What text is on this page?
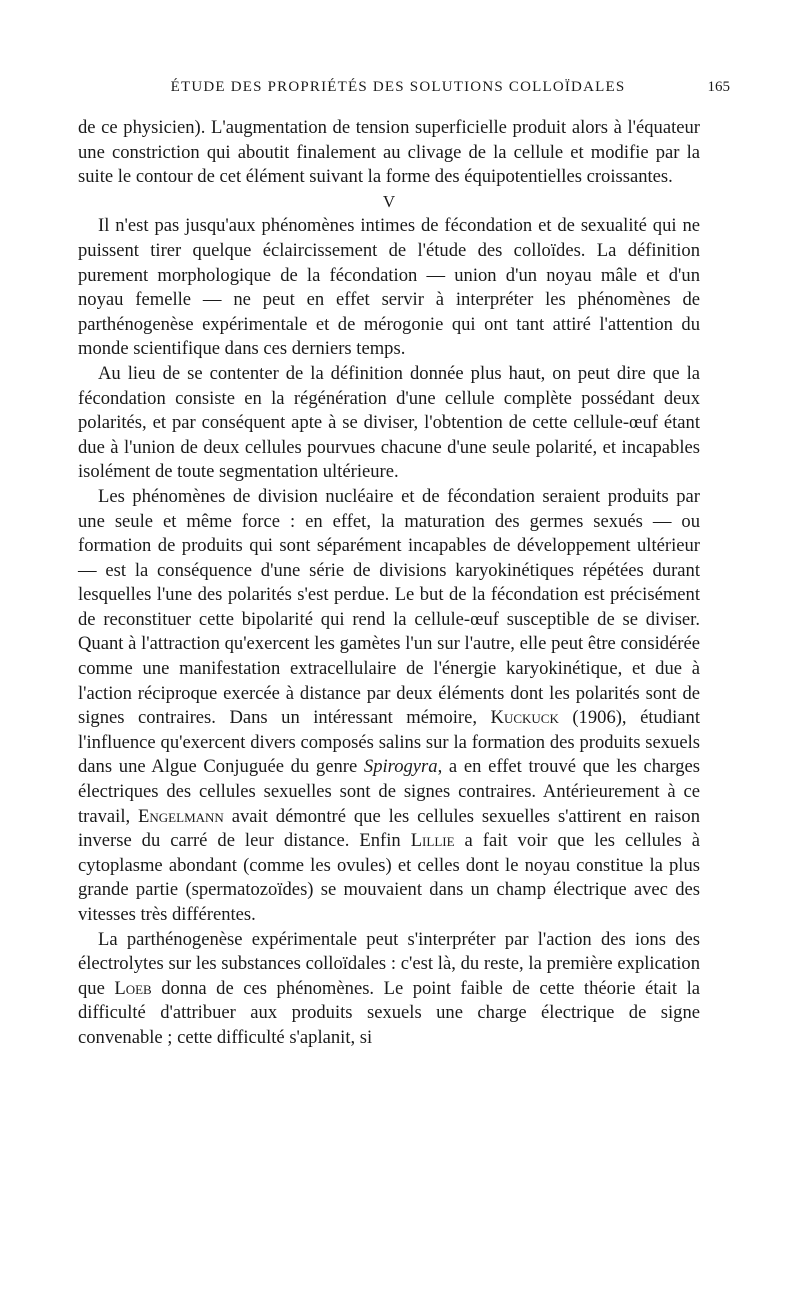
ÉTUDE DES PROPRIÉTÉS DES SOLUTIONS COLLOÏDALES	165

de ce physicien). L'augmentation de tension superficielle produit alors à l'équateur une constriction qui aboutit finalement au clivage de la cellule et modifie par la suite le contour de cet élément suivant la forme des équipotentielles croissantes.

V

Il n'est pas jusqu'aux phénomènes intimes de fécondation et de sexualité qui ne puissent tirer quelque éclaircissement de l'étude des colloïdes. La définition purement morphologique de la fécondation — union d'un noyau mâle et d'un noyau femelle — ne peut en effet servir à interpréter les phénomènes de parthénogenèse expérimentale et de mérogonie qui ont tant attiré l'attention du monde scientifique dans ces derniers temps.

Au lieu de se contenter de la définition donnée plus haut, on peut dire que la fécondation consiste en la régénération d'une cellule complète possédant deux polarités, et par conséquent apte à se diviser, l'obtention de cette cellule-œuf étant due à l'union de deux cellules pourvues chacune d'une seule polarité, et incapables isolément de toute segmentation ultérieure.

Les phénomènes de division nucléaire et de fécondation seraient produits par une seule et même force : en effet, la maturation des germes sexués — ou formation de produits qui sont séparément incapables de développement ultérieur — est la conséquence d'une série de divisions karyokinétiques répétées durant lesquelles l'une des polarités s'est perdue. Le but de la fécondation est précisément de reconstituer cette bipolarité qui rend la cellule-œuf susceptible de se diviser. Quant à l'attraction qu'exercent les gamètes l'un sur l'autre, elle peut être considérée comme une manifestation extracellulaire de l'énergie karyokinétique, et due à l'action réciproque exercée à distance par deux éléments dont les polarités sont de signes contraires. Dans un intéressant mémoire, Kuckuck (1906), étudiant l'influence qu'exercent divers composés salins sur la formation des produits sexuels dans une Algue Conjuguée du genre Spirogyra, a en effet trouvé que les charges électriques des cellules sexuelles sont de signes contraires. Antérieurement à ce travail, Engelmann avait démontré que les cellules sexuelles s'attirent en raison inverse du carré de leur distance. Enfin Lillie a fait voir que les cellules à cytoplasme abondant (comme les ovules) et celles dont le noyau constitue la plus grande partie (spermatozoïdes) se mouvaient dans un champ électrique avec des vitesses très différentes.

La parthénogenèse expérimentale peut s'interpréter par l'action des ions des électrolytes sur les substances colloïdales : c'est là, du reste, la première explication que Loeb donna de ces phénomènes. Le point faible de cette théorie était la difficulté d'attribuer aux produits sexuels une charge électrique de signe convenable ; cette difficulté s'aplanit, si
